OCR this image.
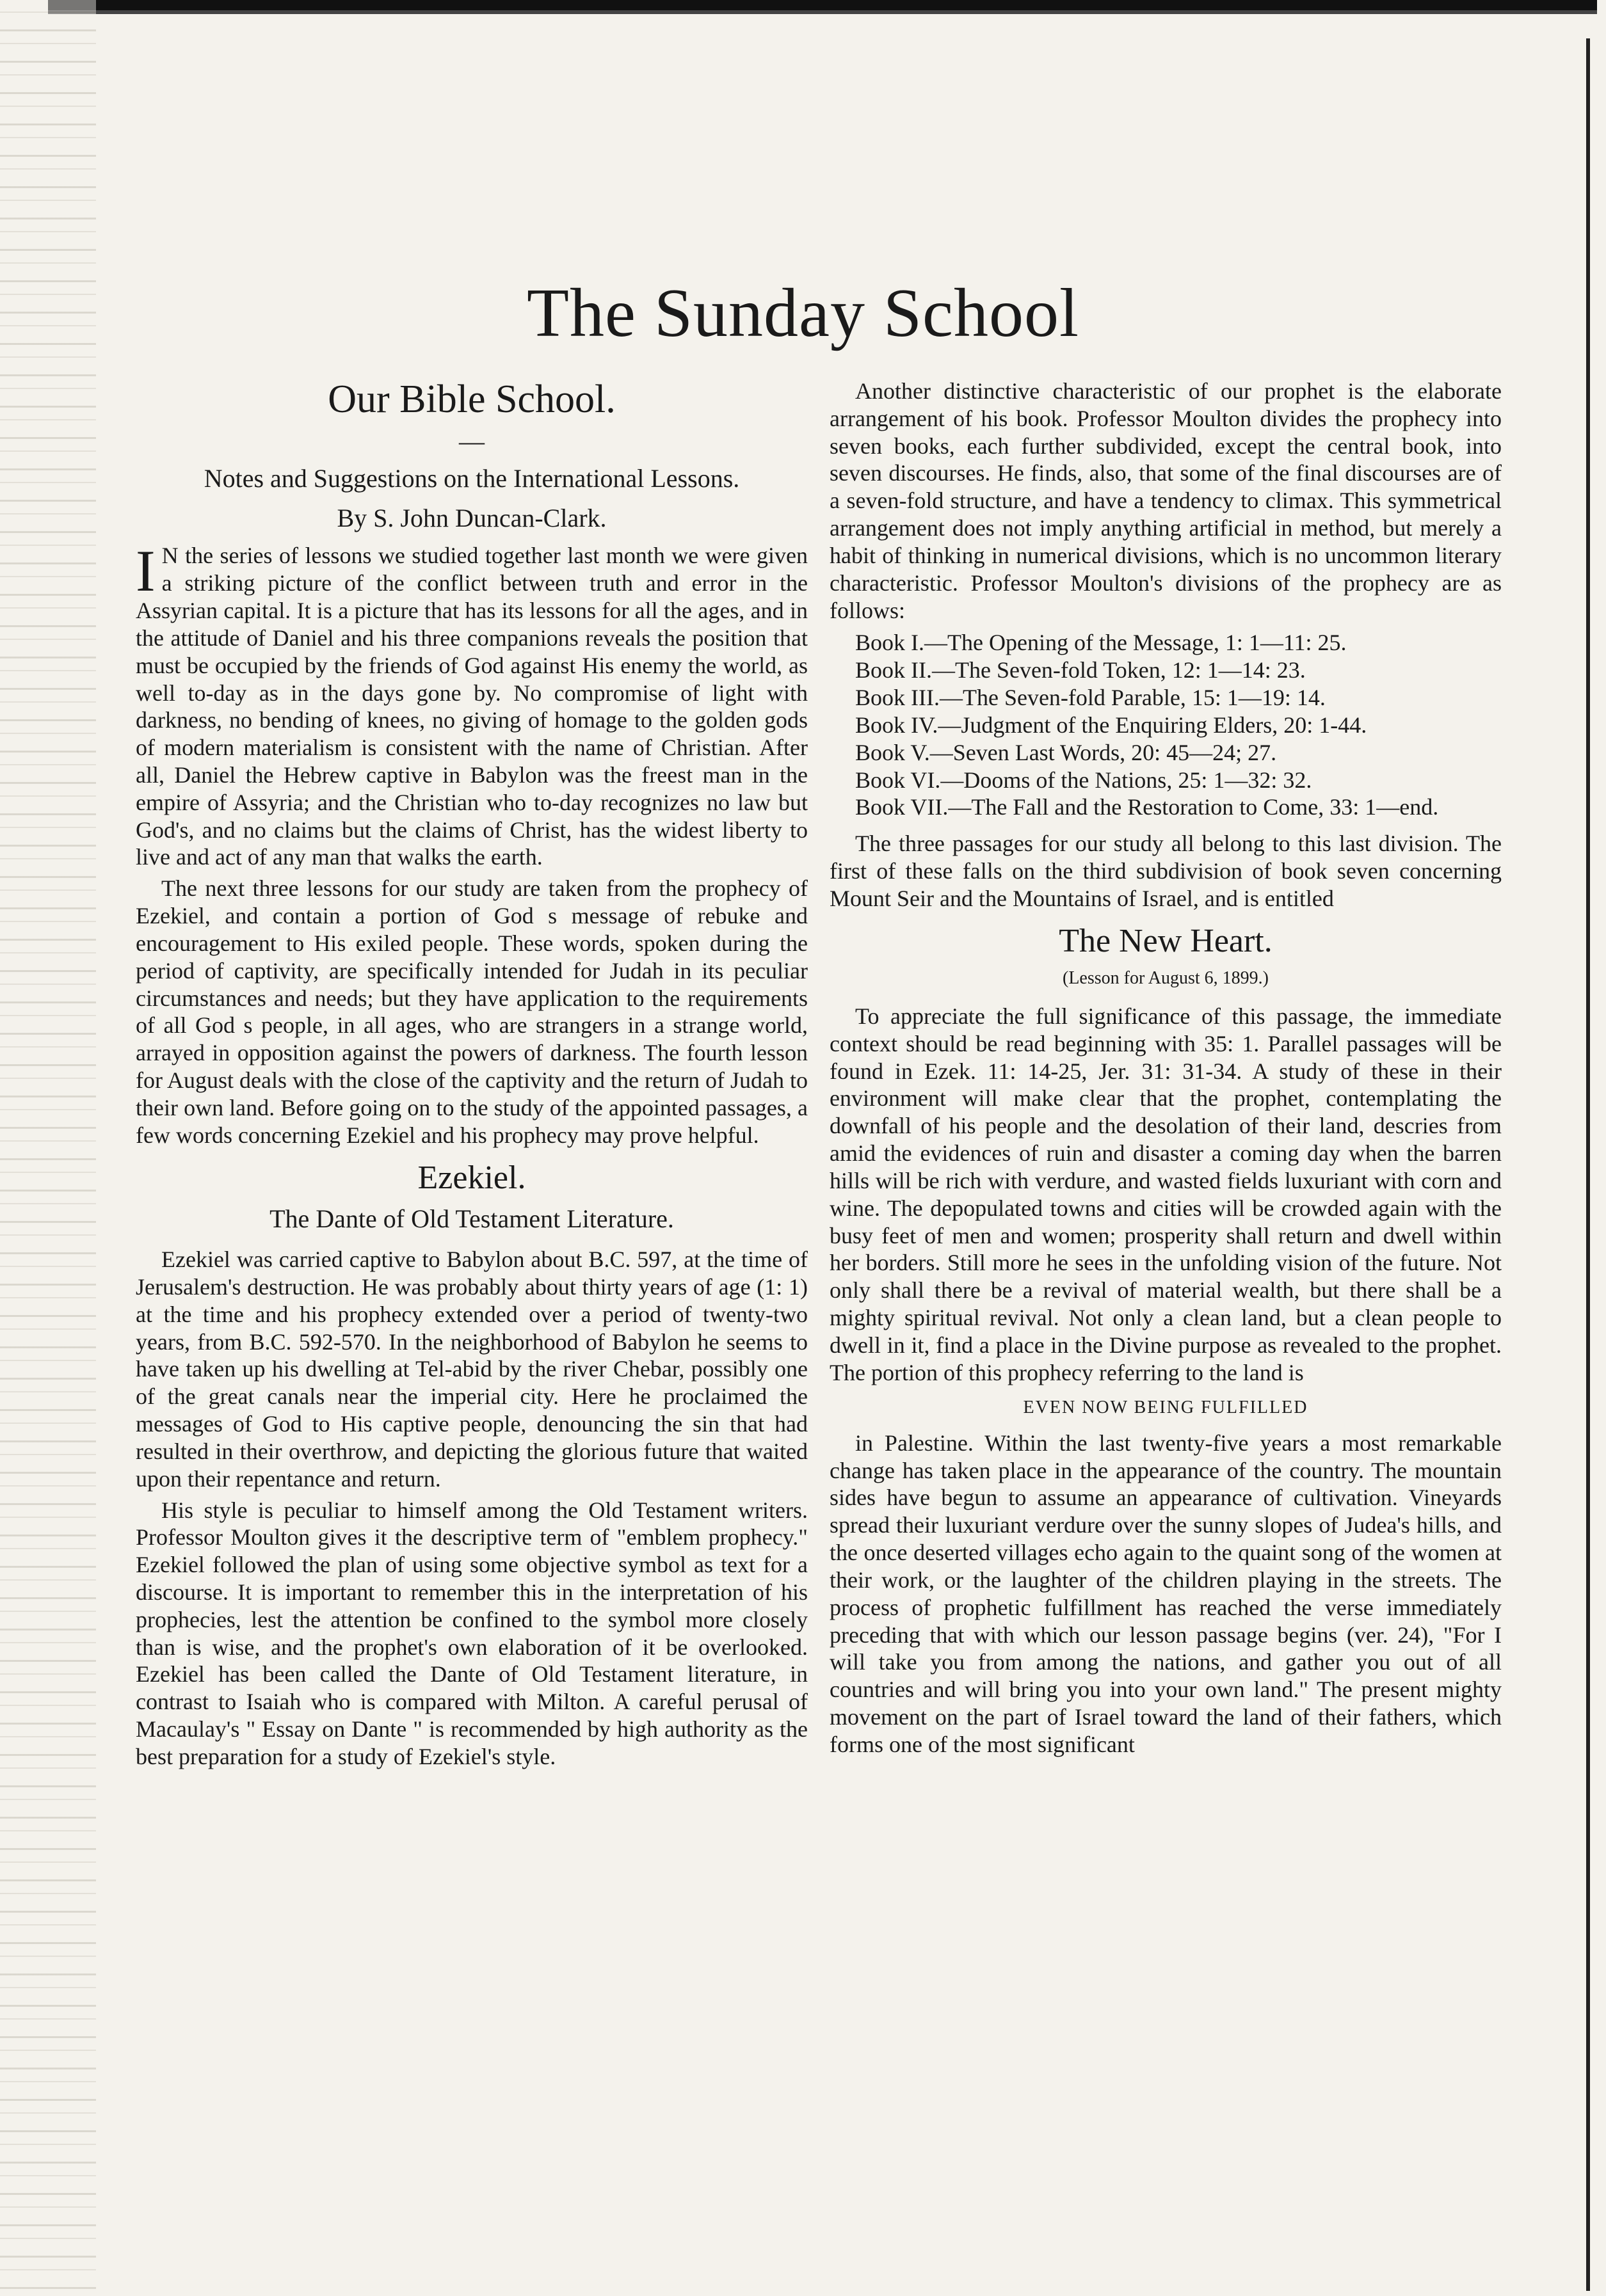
The Sunday School
Our Bible School.
—
Notes and Suggestions on the International Lessons.
By S. John Duncan-Clark.

I N the series of lessons we studied together last month we were given a striking picture of the conflict between truth and error in the Assyrian capital. It is a picture that has its lessons for all the ages, and in the attitude of Daniel and his three companions reveals the position that must be occupied by the friends of God against His enemy the world, as well to-day as in the days gone by. No compromise of light with darkness, no bending of knees, no giving of homage to the golden gods of modern materialism is consistent with the name of Christian. After all, Daniel the Hebrew captive in Babylon was the freest man in the empire of Assyria; and the Christian who to-day recognizes no law but God's, and no claims but the claims of Christ, has the widest liberty to live and act of any man that walks the earth.

The next three lessons for our study are taken from the prophecy of Ezekiel, and contain a portion of God s message of rebuke and encouragement to His exiled people. These words, spoken during the period of captivity, are specifically intended for Judah in its peculiar circumstances and needs; but they have application to the requirements of all God s people, in all ages, who are strangers in a strange world, arrayed in opposition against the powers of darkness. The fourth lesson for August deals with the close of the captivity and the return of Judah to their own land. Before going on to the study of the appointed passages, a few words concerning Ezekiel and his prophecy may prove helpful.

Ezekiel.
The Dante of Old Testament Literature.

Ezekiel was carried captive to Babylon about B.C. 597, at the time of Jerusalem's destruction. He was probably about thirty years of age (1: 1) at the time and his prophecy extended over a period of twenty-two years, from B.C. 592-570. In the neighborhood of Babylon he seems to have taken up his dwelling at Tel-abid by the river Chebar, possibly one of the great canals near the imperial city. Here he proclaimed the messages of God to His captive people, denouncing the sin that had resulted in their overthrow, and depicting the glorious future that waited upon their repentance and return.

His style is peculiar to himself among the Old Testament writers. Professor Moulton gives it the descriptive term of "emblem prophecy." Ezekiel followed the plan of using some objective symbol as text for a discourse. It is important to remember this in the interpretation of his prophecies, lest the attention be confined to the symbol more closely than is wise, and the prophet's own elaboration of it be overlooked. Ezekiel has been called the Dante of Old Testament literature, in contrast to Isaiah who is compared with Milton. A careful perusal of Macaulay's " Essay on Dante " is recommended by high authority as the best preparation for a study of Ezekiel's style.

Another distinctive characteristic of our prophet is the elaborate arrangement of his book. Professor Moulton divides the prophecy into seven books, each further subdivided, except the central book, into seven discourses. He finds, also, that some of the final discourses are of a seven-fold structure, and have a tendency to climax. This symmetrical arrangement does not imply anything artificial in method, but merely a habit of thinking in numerical divisions, which is no uncommon literary characteristic. Professor Moulton's divisions of the prophecy are as follows:

Book I.—The Opening of the Message, 1: 1—11: 25.

Book II.—The Seven-fold Token, 12: 1—14: 23.

Book III.—The Seven-fold Parable, 15: 1—19: 14.

Book IV.—Judgment of the Enquiring Elders, 20: 1-44.

Book V.—Seven Last Words, 20: 45—24; 27.

Book VI.—Dooms of the Nations, 25: 1—32: 32.

Book VII.—The Fall and the Restoration to Come, 33: 1—end.

The three passages for our study all belong to this last division. The first of these falls on the third subdivision of book seven concerning Mount Seir and the Mountains of Israel, and is entitled

The New Heart.
(Lesson for August 6, 1899.)

To appreciate the full significance of this passage, the immediate context should be read beginning with 35: 1. Parallel passages will be found in Ezek. 11: 14-25, Jer. 31: 31-34. A study of these in their environment will make clear that the prophet, contemplating the downfall of his people and the desolation of their land, descries from amid the evidences of ruin and disaster a coming day when the barren hills will be rich with verdure, and wasted fields luxuriant with corn and wine. The depopulated towns and cities will be crowded again with the busy feet of men and women; prosperity shall return and dwell within her borders. Still more he sees in the unfolding vision of the future. Not only shall there be a revival of material wealth, but there shall be a mighty spiritual revival. Not only a clean land, but a clean people to dwell in it, find a place in the Divine purpose as revealed to the prophet. The portion of this prophecy referring to the land is

EVEN NOW BEING FULFILLED

in Palestine. Within the last twenty-five years a most remarkable change has taken place in the appearance of the country. The mountain sides have begun to assume an appearance of cultivation. Vineyards spread their luxuriant verdure over the sunny slopes of Judea's hills, and the once deserted villages echo again to the quaint song of the women at their work, or the laughter of the children playing in the streets. The process of prophetic fulfillment has reached the verse immediately preceding that with which our lesson passage begins (ver. 24), "For I will take you from among the nations, and gather you out of all countries and will bring you into your own land." The present mighty movement on the part of Israel toward the land of their fathers, which forms one of the most significant
